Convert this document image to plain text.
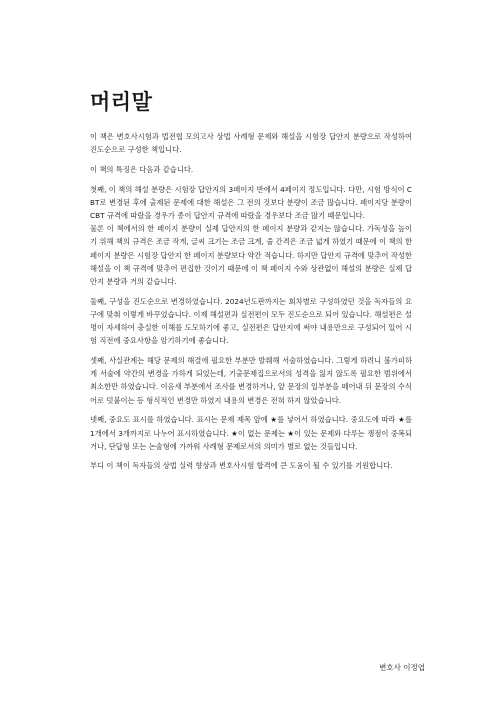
머리말

이 책은 변호사시험과 법전협 모의고사 상법 사례형 문제와 해설을 시험장 답안지 분량으로 작성하여 진도순으로 구성한 책입니다.

이 책의 특징은 다음과 같습니다.

첫째, 이 책의 해설 분량은 시험장 답안지의 3페이지 반에서 4페이지 정도입니다. 다만, 시험 방식이 CBT로 변경된 후에 출제된 문제에 대한 해설은 그 전의 것보다 분량이 조금 많습니다. 페이지당 분량이 CBT 규격에 따랐을 경우가 종이 답안지 규격에 따랐을 경우보다 조금 많기 때문입니다.
물론 이 책에서의 한 페이지 분량이 실제 답안지의 한 페이지 분량과 같지는 않습니다. 가독성을 높이기 위해 책의 규격은 조금 작게, 글씨 크기는 조금 크게, 줄 간격은 조금 넓게 하였기 때문에 이 책의 한 페이지 분량은 시험장 답안지 한 페이지 분량보다 약간 적습니다. 하지만 답안지 규격에 맞추어 작성한 해설을 이 책 규격에 맞추어 편집한 것이기 때문에 이 책 페이지 수와 상관없이 해설의 분량은 실제 답안지 분량과 거의 같습니다.

둘째, 구성을 진도순으로 변경하였습니다. 2024년도판까지는 회차별로 구성하였던 것을 독자들의 요구에 맞춰 이렇게 바꾸었습니다. 이제 해설편과 실전편이 모두 진도순으로 되어 있습니다. 해설편은 설명이 자세하여 충실한 이해를 도모하기에 좋고, 실전편은 답안지에 써야 내용만으로 구성되어 있어 시험 직전에 중요사항을 암기하기에 좋습니다.

셋째, 사실관계는 해당 문제의 해결에 필요한 부분만 발췌해 서술하였습니다. 그렇게 하려니 불가피하게 서술에 약간의 변경을 가하게 되었는데, 기출문제집으로서의 성격을 잃지 않도록 필요한 범위에서 최소한만 하였습니다. 이음새 부분에서 조사를 변경하거나, 앞 문장의 일부분을 떼어내 뒤 문장의 수식어로 덧붙이는 등 형식적인 변경만 하였지 내용의 변경은 전혀 하지 않았습니다.

넷째, 중요도 표시를 하였습니다. 표시는 문제 제목 앞에 ★를 넣어서 하였습니다. 중요도에 따라 ★를 1개에서 3개까지로 나누어 표시하였습니다. ★이 없는 문제는 ★이 있는 문제와 다루는 쟁점이 중복되거나, 단답형 또는 논술형에 가까워 사례형 문제로서의 의미가 별로 없는 것들입니다.

부디 이 책이 독자들의 상법 실력 향상과 변호사시험 합격에 큰 도움이 될 수 있기를 기원합니다.

변호사 이정엽
